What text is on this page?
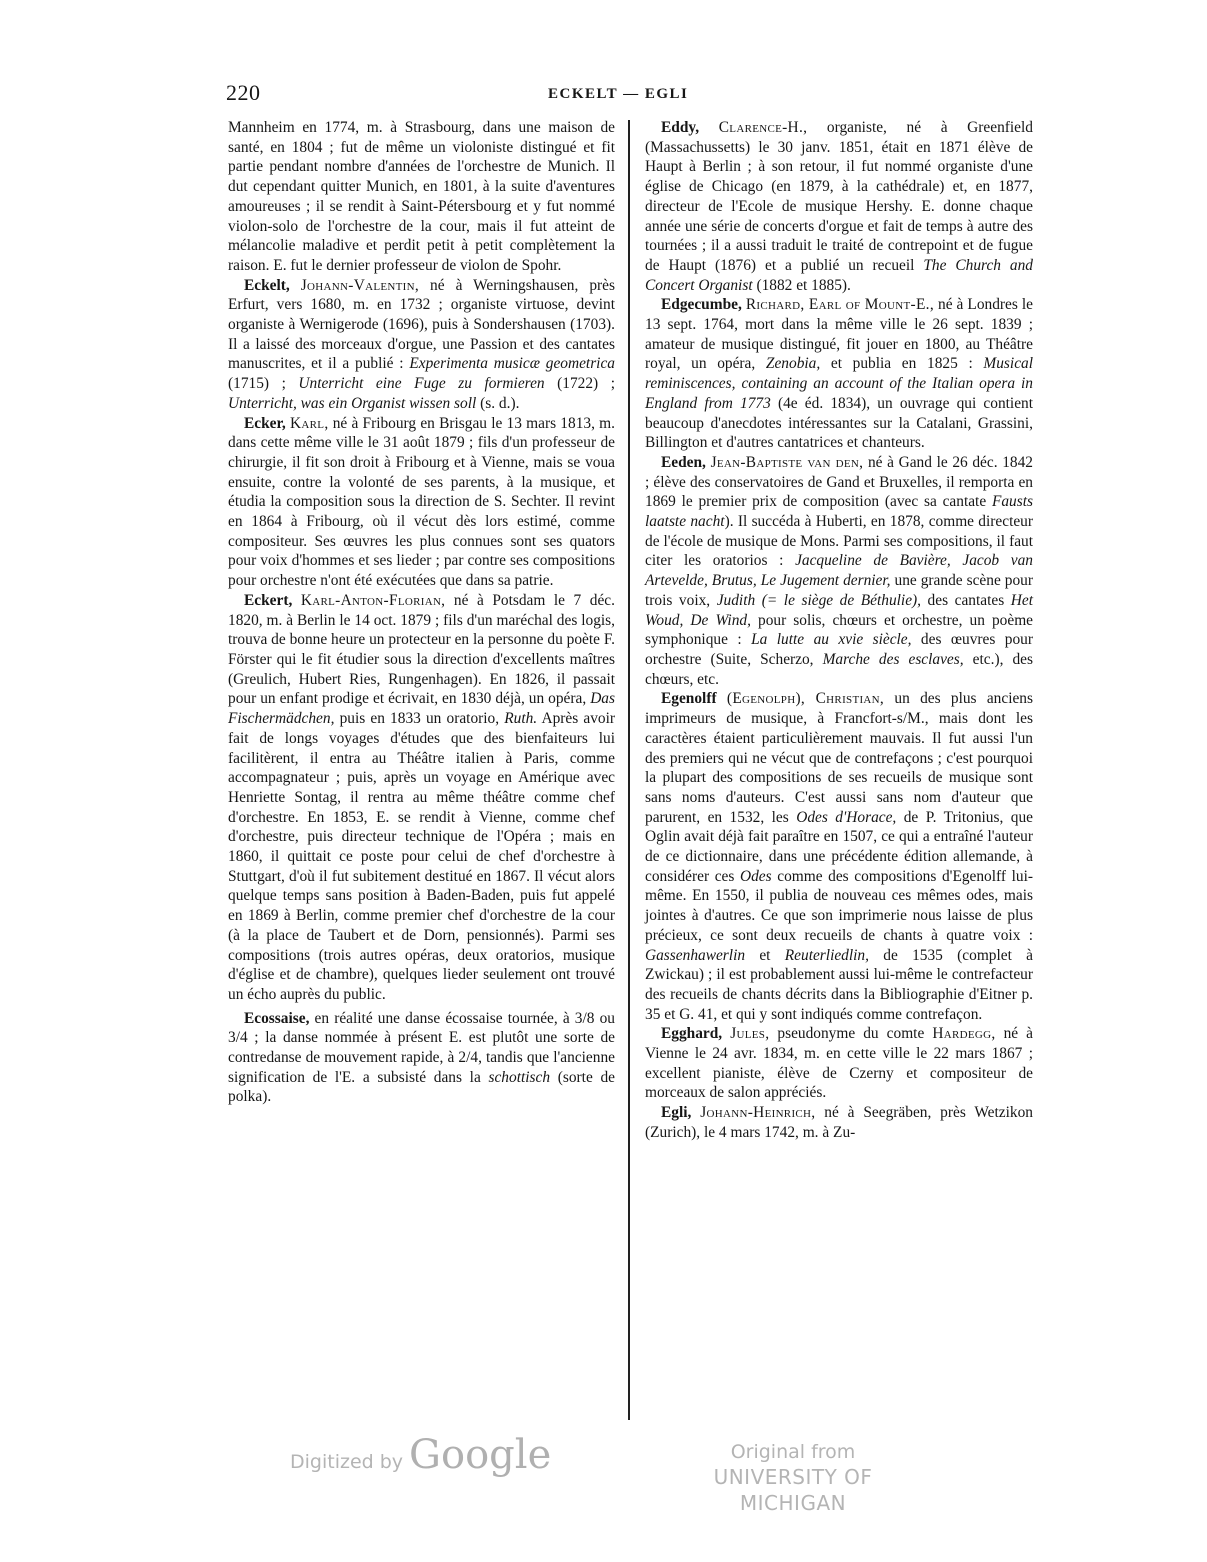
220	ECKELT — EGLI

Mannheim en 1774, m. à Strasbourg, dans une maison de santé, en 1804 ; fut de même un violoniste distingué et fit partie pendant nombre d'années de l'orchestre de Munich. Il dut cependant quitter Munich, en 1801, à la suite d'aventures amoureuses ; il se rendit à Saint-Pétersbourg et y fut nommé violon-solo de l'orchestre de la cour, mais il fut atteint de mélancolie maladive et perdit petit à petit complètement la raison. E. fut le dernier professeur de violon de Spohr.

Eckelt, Johann-Valentin, né à Werningshausen, près Erfurt, vers 1680, m. en 1732 ; organiste virtuose, devint organiste à Wernigerode (1696), puis à Sondershausen (1703). Il a laissé des morceaux d'orgue, une Passion et des cantates manuscrites, et il a publié : Experimenta musicæ geometrica (1715) ; Unterricht eine Fuge zu formieren (1722) ; Unterricht, was ein Organist wissen soll (s. d.).

Ecker, Karl, né à Fribourg en Brisgau le 13 mars 1813, m. dans cette même ville le 31 août 1879 ; fils d'un professeur de chirurgie, il fit son droit à Fribourg et à Vienne, mais se voua ensuite, contre la volonté de ses parents, à la musique, et étudia la composition sous la direction de S. Sechter. Il revint en 1864 à Fribourg, où il vécut dès lors estimé, comme compositeur. Ses œuvres les plus connues sont ses quators pour voix d'hommes et ses lieder ; par contre ses compositions pour orchestre n'ont été exécutées que dans sa patrie.

Eckert, Karl-Anton-Florian, né à Potsdam le 7 déc. 1820, m. à Berlin le 14 oct. 1879 ; fils d'un maréchal des logis, trouva de bonne heure un protecteur en la personne du poète F. Förster qui le fit étudier sous la direction d'excellents maîtres (Greulich, Hubert Ries, Rungenhagen). En 1826, il passait pour un enfant prodige et écrivait, en 1830 déjà, un opéra, Das Fischermädchen, puis en 1833 un oratorio, Ruth. Après avoir fait de longs voyages d'études que des bienfaiteurs lui facilitèrent, il entra au Théâtre italien à Paris, comme accompagnateur ; puis, après un voyage en Amérique avec Henriette Sontag, il rentra au même théâtre comme chef d'orchestre. En 1853, E. se rendit à Vienne, comme chef d'orchestre, puis directeur technique de l'Opéra ; mais en 1860, il quittait ce poste pour celui de chef d'orchestre à Stuttgart, d'où il fut subitement destitué en 1867. Il vécut alors quelque temps sans position à Baden-Baden, puis fut appelé en 1869 à Berlin, comme premier chef d'orchestre de la cour (à la place de Taubert et de Dorn, pensionnés). Parmi ses compositions (trois autres opéras, deux oratorios, musique d'église et de chambre), quelques lieder seulement ont trouvé un écho auprès du public.

Ecossaise, en réalité une danse écossaise tournée, à 3/8 ou 3/4 ; la danse nommée à présent E. est plutôt une sorte de contredanse de mouvement rapide, à 2/4, tandis que l'ancienne signification de l'E. a subsisté dans la schottisch (sorte de polka).

Eddy, Clarence-H., organiste, né à Greenfield (Massachussetts) le 30 janv. 1851, était en 1871 élève de Haupt à Berlin ; à son retour, il fut nommé organiste d'une église de Chicago (en 1879, à la cathédrale) et, en 1877, directeur de l'Ecole de musique Hershy. E. donne chaque année une série de concerts d'orgue et fait de temps à autre des tournées ; il a aussi traduit le traité de contrepoint et de fugue de Haupt (1876) et a publié un recueil The Church and Concert Organist (1882 et 1885).

Edgecumbe, Richard, Earl of Mount-E., né à Londres le 13 sept. 1764, mort dans la même ville le 26 sept. 1839 ; amateur de musique distingué, fit jouer en 1800, au Théâtre royal, un opéra, Zenobia, et publia en 1825 : Musical reminiscences, containing an account of the Italian opera in England from 1773 (4e éd. 1834), un ouvrage qui contient beaucoup d'anecdotes intéressantes sur la Catalani, Grassini, Billington et d'autres cantatrices et chanteurs.

Eeden, Jean-Baptiste van den, né à Gand le 26 déc. 1842 ; élève des conservatoires de Gand et Bruxelles, il remporta en 1869 le premier prix de composition (avec sa cantate Fausts laatste nacht). Il succéda à Huberti, en 1878, comme directeur de l'école de musique de Mons. Parmi ses compositions, il faut citer les oratorios : Jacqueline de Bavière, Jacob van Artevelde, Brutus, Le Jugement dernier, une grande scène pour trois voix, Judith (= le siège de Béthulie), des cantates Het Woud, De Wind, pour solis, chœurs et orchestre, un poème symphonique : La lutte au xvie siècle, des œuvres pour orchestre (Suite, Scherzo, Marche des esclaves, etc.), des chœurs, etc.

Egenolff (Egenolph), Christian, un des plus anciens imprimeurs de musique, à Francfort-s/M., mais dont les caractères étaient particulièrement mauvais. Il fut aussi l'un des premiers qui ne vécut que de contrefaçons ; c'est pourquoi la plupart des compositions de ses recueils de musique sont sans noms d'auteurs. C'est aussi sans nom d'auteur que parurent, en 1532, les Odes d'Horace, de P. Tritonius, que Oglin avait déjà fait paraître en 1507, ce qui a entraîné l'auteur de ce dictionnaire, dans une précédente édition allemande, à considérer ces Odes comme des compositions d'Egenolff lui-même. En 1550, il publia de nouveau ces mêmes odes, mais jointes à d'autres. Ce que son imprimerie nous laisse de plus précieux, ce sont deux recueils de chants à quatre voix : Gassenhawerlin et Reuterliedlin, de 1535 (complet à Zwickau) ; il est probablement aussi lui-même le contrefacteur des recueils de chants décrits dans la Bibliographie d'Eitner p. 35 et G. 41, et qui y sont indiqués comme contrefaçon.

Egghard, Jules, pseudonyme du comte Hardegg, né à Vienne le 24 avr. 1834, m. en cette ville le 22 mars 1867 ; excellent pianiste, élève de Czerny et compositeur de morceaux de salon appréciés.

Egli, Johann-Heinrich, né à Seegräben, près Wetzikon (Zurich), le 4 mars 1742, m. à Zu-

Digitized by Google	Original from
UNIVERSITY OF MICHIGAN
